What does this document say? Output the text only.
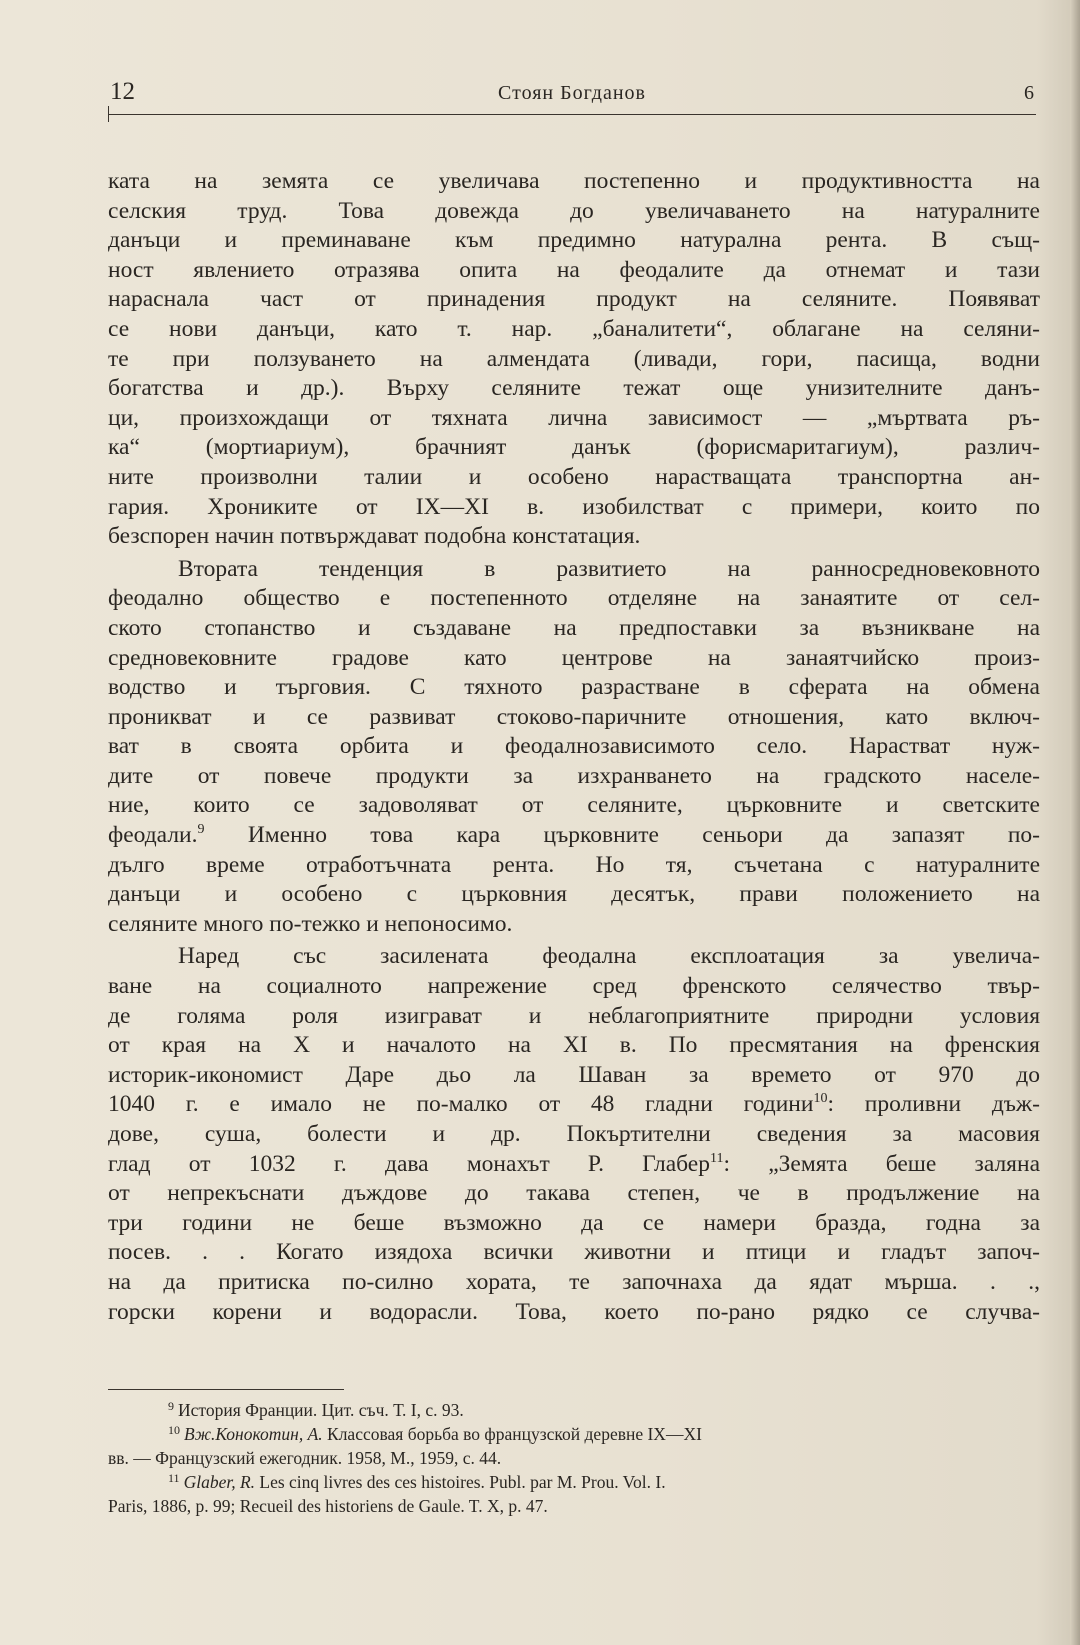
12	Стоян Богданов	6
ката на земята се увеличава постепенно и продуктивността на
селския труд. Това довежда до увеличаването на натуралните
данъци и преминаване към предимно натурална рента. В същ-
ност явлението отразява опита на феодалите да отнемат и тази
нараснала част от принадения продукт на селяните. Появяват
се нови данъци, като т. нар. „баналитети“, облагане на селяни-
те при ползуването на алмендата (ливади, гори, пасища, водни
богатства и др.). Върху селяните тежат още унизителните данъ-
ци, произхождащи от тяхната лична зависимост — „мъртвата ръ-
ка“ (мортиариум), брачният данък (форисмаритагиум), различ-
ните произволни талии и особено нарастващата транспортна ан-
гария. Хрониките от IX—XI в. изобилстват с примери, които по
безспорен начин потвърждават подобна констатация.
Втората тенденция в развитието на ранносредновековното
феодално общество е постепенното отделяне на занаятите от сел-
ското стопанство и създаване на предпоставки за възникване на
средновековните градове като центрове на занаятчийско произ-
водство и търговия. С тяхното разрастване в сферата на обмена
проникват и се развиват стоково-паричните отношения, като включ-
ват в своята орбита и феодалнозависимото село. Нарастват нуж-
дите от повече продукти за изхранването на градското населе-
ние, които се задоволяват от селяните, църковните и светските
феодали.$^9$ Именно това кара църковните сеньори да запазят по-
дълго време отработъчната рента. Но тя, съчетана с натуралните
данъци и особено с църковния десятък, прави положението на
селяните много по-тежко и непоносимо.
Наред със засилената феодална експлоатация за увелича-
ване на социалното напрежение сред френското селячество твър-
де голяма роля изиграват и неблагоприятните природни условия
от края на X и началото на XI в. По пресмятания на френския
историк-икономист Даре дьо ла Шаван за времето от 970 до
1040 г. е имало не по-малко от 48 гладни години$^{10}$: проливни дъж-
дове, суша, болести и др. Покъртителни сведения за масовия
глад от 1032 г. дава монахът Р. Глабер$^{11}$: „Земята беше заляна
от непрекъснати дъждове до такава степен, че в продължение на
три години не беше възможно да се намери бразда, годна за
посев. . . Когато изядоха всички животни и птици и гладът започ-
на да притиска по-силно хората, те започнаха да ядат мърша. . .,
горски корени и водорасли. Това, което по-рано рядко се случва-
$^9$ История Франции. Цит. съч. Т. I, с. 93.
$^{10}$ Вж.Конокотин, А. Классовая борьба во французской деревне IX—XI
вв. — Французский ежегодник. 1958, М., 1959, с. 44.
$^{11}$ Glaber, R. Les cinq livres des ces histoires. Publ. par M. Prou. Vol. I.
Paris, 1886, p. 99; Recueil des historiens de Gaule. T. X, p. 47.
